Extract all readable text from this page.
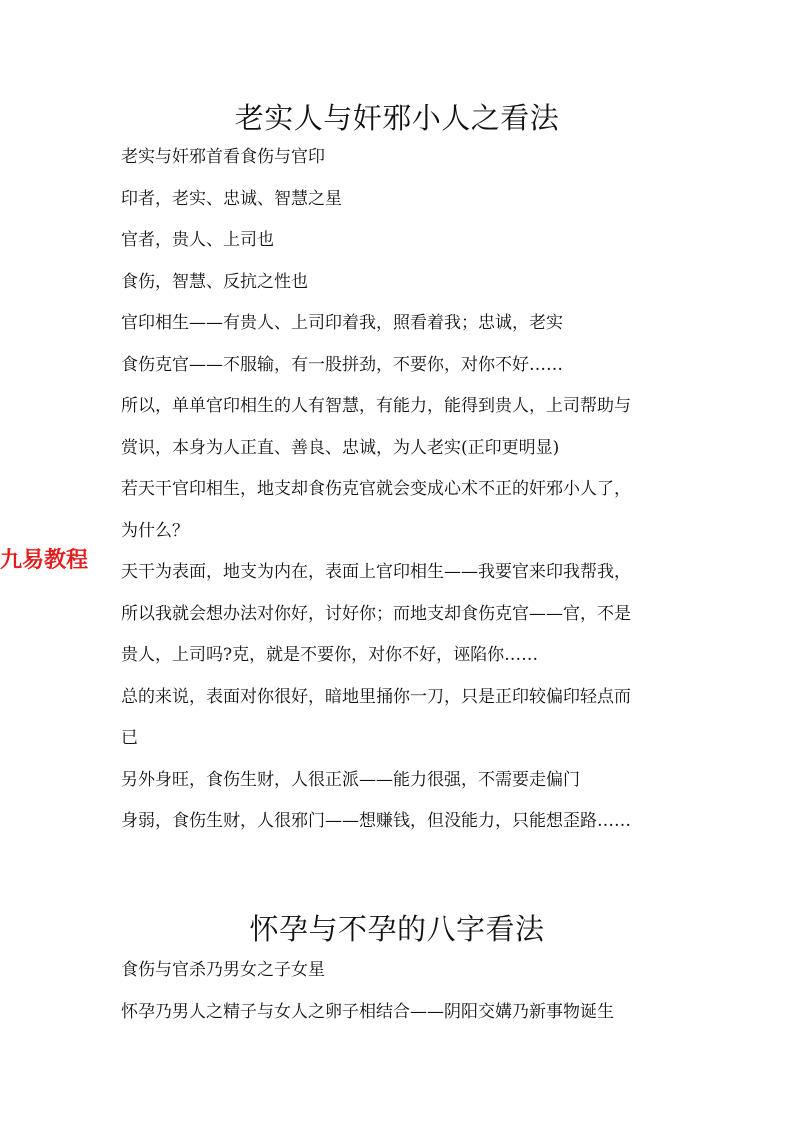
老实人与奸邪小人之看法
老实与奸邪首看食伤与官印
印者，老实、忠诚、智慧之星
官者，贵人、上司也
食伤，智慧、反抗之性也
官印相生——有贵人、上司印着我，照看着我；忠诚，老实
食伤克官——不服输，有一股拼劲，不要你，对你不好……
所以，单单官印相生的人有智慧，有能力，能得到贵人，上司帮助与
赏识，本身为人正直、善良、忠诚，为人老实(正印更明显)
若天干官印相生，地支却食伤克官就会变成心术不正的奸邪小人了，
为什么？
天干为表面，地支为内在，表面上官印相生——我要官来印我帮我，
所以我就会想办法对你好，讨好你；而地支却食伤克官——官，不是
贵人，上司吗?克，就是不要你，对你不好，诬陷你……
总的来说，表面对你很好，暗地里捅你一刀，只是正印较偏印轻点而
已
另外身旺，食伤生财，人很正派——能力很强，不需要走偏门
身弱，食伤生财，人很邪门——想赚钱，但没能力，只能想歪路……
怀孕与不孕的八字看法
食伤与官杀乃男女之子女星
怀孕乃男人之精子与女人之卵子相结合——阴阳交媾乃新事物诞生
九易教程
